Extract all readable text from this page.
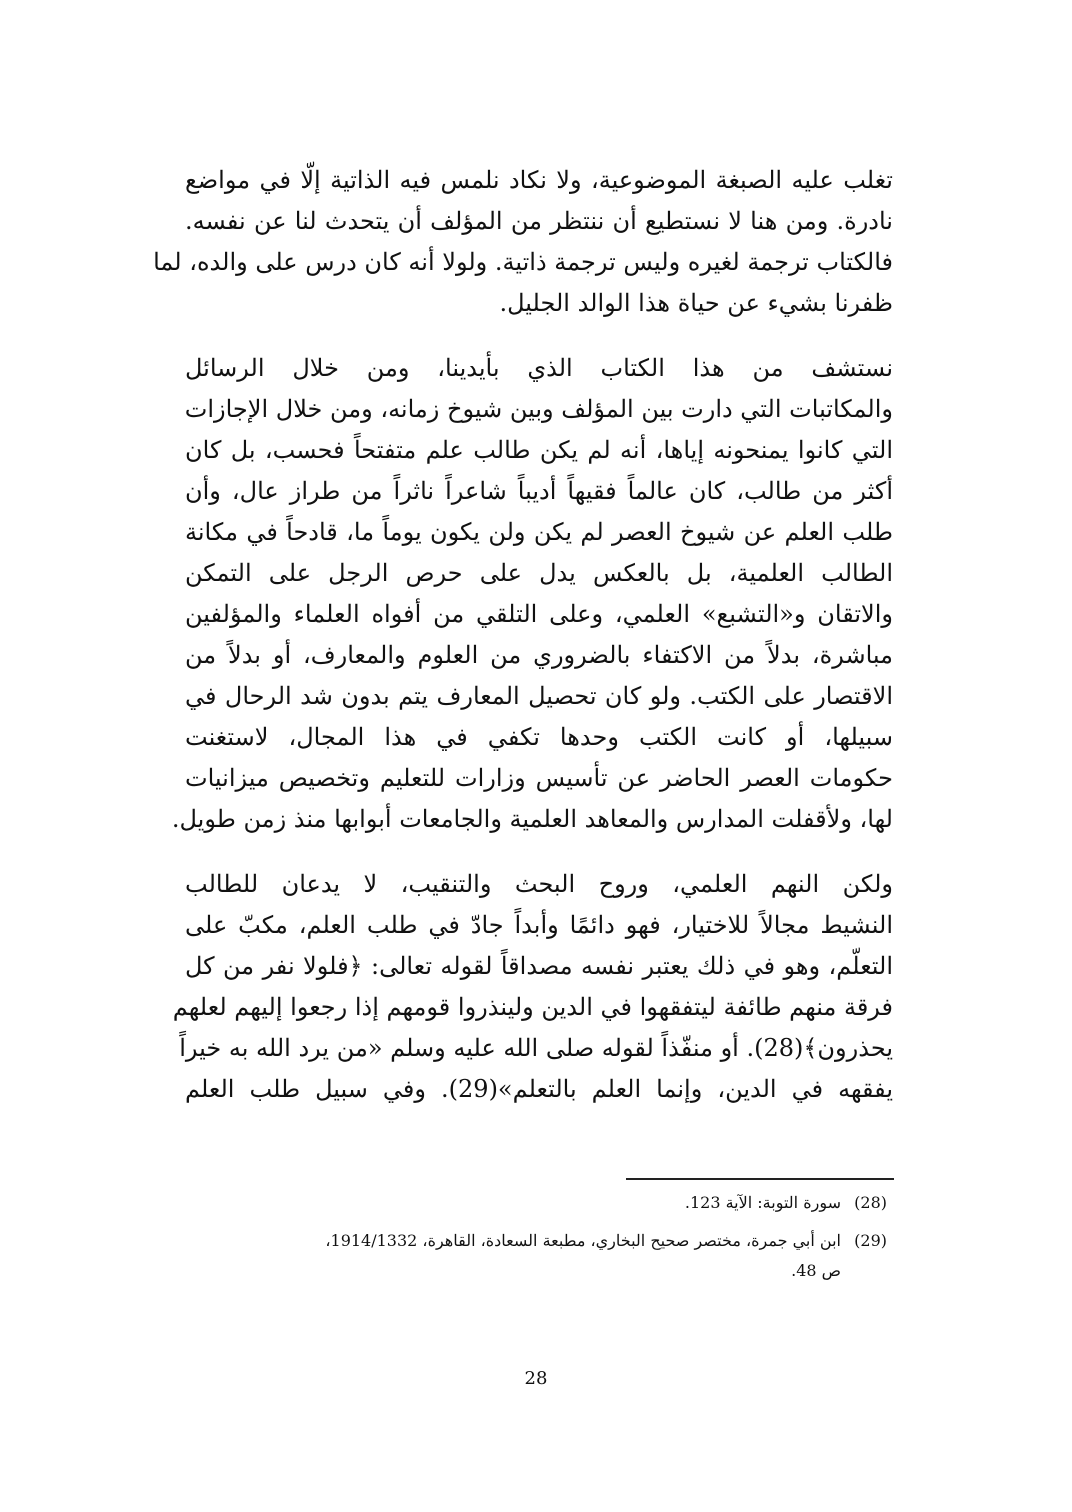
تغلب عليه الصبغة الموضوعية، ولا نكاد نلمس فيه الذاتية إلّا في مواضع
نادرة. ومن هنا لا نستطيع أن ننتظر من المؤلف أن يتحدث لنا عن نفسه.
فالكتاب ترجمة لغيره وليس ترجمة ذاتية. ولولا أنه كان درس على والده، لما
ظفرنا بشيء عن حياة هذا الوالد الجليل.
نستشف من هذا الكتاب الذي بأيدينا، ومن خلال الرسائل
والمكاتبات التي دارت بين المؤلف وبين شيوخ زمانه، ومن خلال الإجازات
التي كانوا يمنحونه إياها، أنه لم يكن طالب علم متفتحاً فحسب، بل كان
أكثر من طالب، كان عالماً فقيهاً أديباً شاعراً ناثراً من طراز عال، وأن
طلب العلم عن شيوخ العصر لم يكن ولن يكون يوماً ما، قادحاً في مكانة
الطالب العلمية، بل بالعكس يدل على حرص الرجل على التمكن
والاتقان و«التشبع» العلمي، وعلى التلقي من أفواه العلماء والمؤلفين
مباشرة، بدلاً من الاكتفاء بالضروري من العلوم والمعارف، أو بدلاً من
الاقتصار على الكتب. ولو كان تحصيل المعارف يتم بدون شد الرحال في
سبيلها، أو كانت الكتب وحدها تكفي في هذا المجال، لاستغنت
حكومات العصر الحاضر عن تأسيس وزارات للتعليم وتخصيص ميزانيات
لها، ولأقفلت المدارس والمعاهد العلمية والجامعات أبوابها منذ زمن طويل.
ولكن النهم العلمي، وروح البحث والتنقيب، لا يدعان للطالب
النشيط مجالاً للاختيار، فهو دائمًا وأبداً جادّ في طلب العلم، مكبّ على
التعلّم، وهو في ذلك يعتبر نفسه مصداقاً لقوله تعالى: ﴿فلولا نفر من كل
فرقة منهم طائفة ليتفقهوا في الدين ولينذروا قومهم إذا رجعوا إليهم لعلهم
يحذرون﴾(28). أو منفّذاً لقوله صلى الله عليه وسلم «من يرد الله به خيراً
يفقهه في الدين، وإنما العلم بالتعلم»(29). وفي سبيل طلب العلم
(28)
سورة التوبة: الآية 123.
(29)
ابن أبي جمرة، مختصر صحيح البخاري، مطبعة السعادة، القاهرة، 1914/1332،
ص 48.
28
